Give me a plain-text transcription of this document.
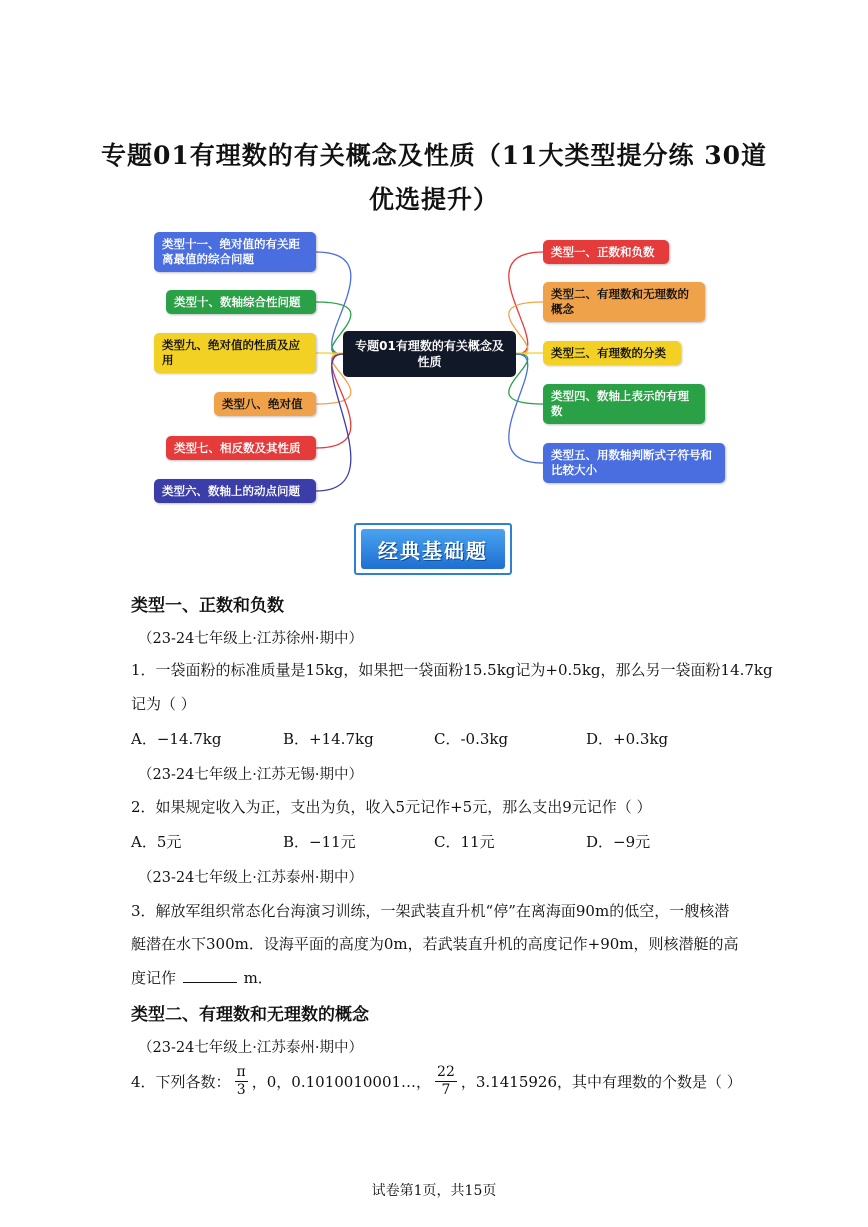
专题01有理数的有关概念及性质（11大类型提分练 30道
优选提升）
专题01有理数的有关概念及性质
类型十一、绝对值的有关距离最值的综合问题
类型十、数轴综合性问题
类型九、绝对值的性质及应用
类型八、绝对值
类型七、相反数及其性质
类型六、数轴上的动点问题
类型一、正数和负数
类型二、有理数和无理数的概念
类型三、有理数的分类
类型四、数轴上表示的有理数
类型五、用数轴判断式子符号和比较大小
经典基础题
类型一、正数和负数
（23-24七年级上·江苏徐州·期中）
1．一袋面粉的标准质量是15kg，如果把一袋面粉15.5kg记为+0.5kg，那么另一袋面粉14.7kg
记为（ ）
A．−14.7kg	B．+14.7kg	C．-0.3kg	D．+0.3kg
（23-24七年级上·江苏无锡·期中）
2．如果规定收入为正，支出为负，收入5元记作+5元，那么支出9元记作（ ）
A．5元	B．−11元	C．11元	D．−9元
（23-24七年级上·江苏泰州·期中）
3．解放军组织常态化台海演习训练，一架武装直升机“停”在离海面90m的低空，一艘核潜
艇潜在水下300m．设海平面的高度为0m，若武装直升机的高度记作+90m，则核潜艇的高
度记作	m．
类型二、有理数和无理数的概念
（23-24七年级上·江苏泰州·期中）
4．下列各数： $\frac{\pi}{3}$ ，0，0.1010010001…， $\frac{22}{7}$ ，3.1415926，其中有理数的个数是（ ）
试卷第1页，共15页
